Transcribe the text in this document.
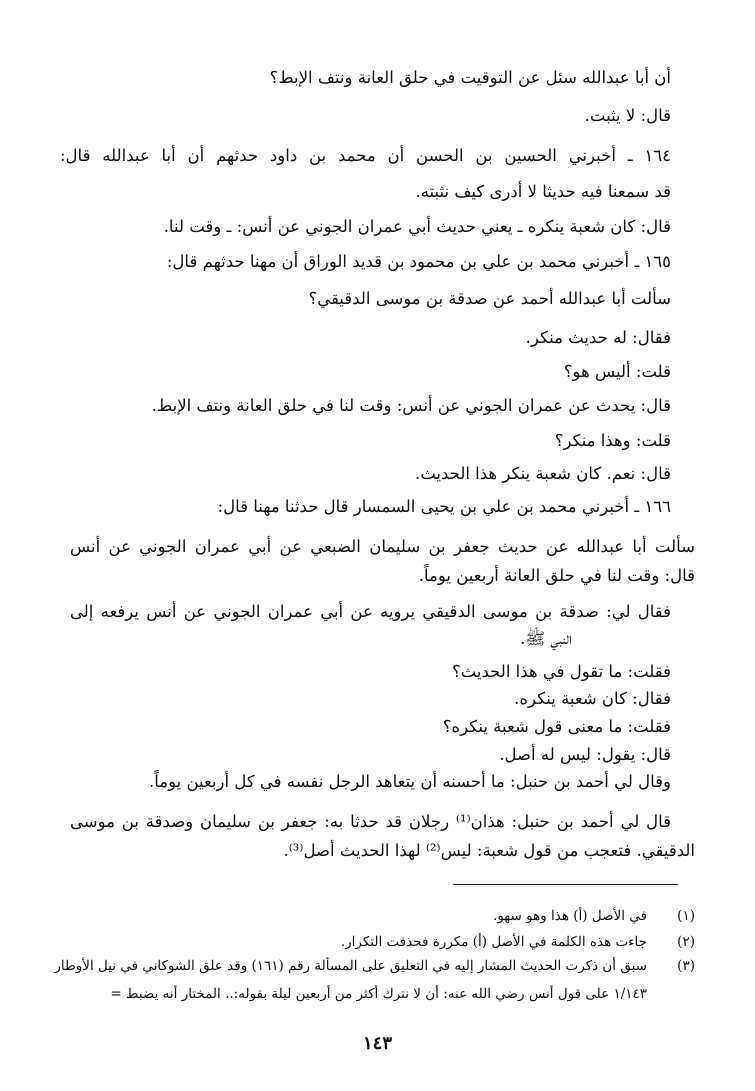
أن أبا عبدالله سئل عن التوقيت في حلق العانة ونتف الإبط؟
قال: لا يثبت.
١٦٤ ـ أخبرني الحسين بن الحسن أن محمد بن داود حدثهم أن أبا عبدالله قال:
قد سمعنا فيه حديثا لا أدرى كيف نثبته.
قال: كان شعبة ينكره ـ يعني حديث أبي عمران الجوني عن أنس: ـ وقت لنا.
١٦٥ ـ أخبرني محمد بن علي بن محمود بن قديد الوراق أن مهنا حدثهم قال:
سألت أبا عبدالله أحمد عن صدقة بن موسى الدقيقي؟
فقال: له حديث منكر.
قلت: أليس هو؟
قال: يحدث عن عمران الجوني عن أنس: وقت لنا في حلق العانة ونتف الإبط.
قلت: وهذا منكر؟
قال: نعم. كان شعبة ينكر هذا الحديث.
١٦٦ ـ أخبرني محمد بن علي بن يحيى السمسار قال حدثنا مهنا قال:
سألت أبا عبدالله عن حديث جعفر بن سليمان الضبعي عن أبي عمران الجوني عن أنس
قال: وقت لنا في حلق العانة أربعين يوماً.
فقال لي: صدقة بن موسى الدقيقي يرويه عن أبي عمران الجوني عن أنس يرفعه إلى
النبي ﷺ.
فقلت: ما تقول في هذا الحديث؟
فقال: كان شعبة ينكره.
فقلت: ما معنى قول شعبة ينكره؟
قال: يقول: ليس له أصل.
وقال لي أحمد بن حنبل: ما أحسنه أن يتعاهد الرجل نفسه في كل أربعين يوماً.
قال لي أحمد بن حنبل: هذان⁽¹⁾ رجلان قد حدثا به: جعفر بن سليمان وصدقة بن موسى
الدقيقي. فتعجب من قول شعبة: ليس⁽²⁾ لهذا الحديث أصل⁽³⁾.
(١)
في الأصل (أ) هذا وهو سهو.
(٢)
جاءت هذه الكلمة في الأصل (أ) مكررة فحذفت التكرار.
(٣)
سبق أن ذكرت الحديث المشار إليه في التعليق على المسألة رقم (١٦١) وقد علق الشوكاني في نيل الأوطار
١/١٤٣ على قول أنس رضي الله عنه: أن لا نترك أكثر من أربعين ليلة بقوله:.. المختار أنه يضبط =
١٤٣
